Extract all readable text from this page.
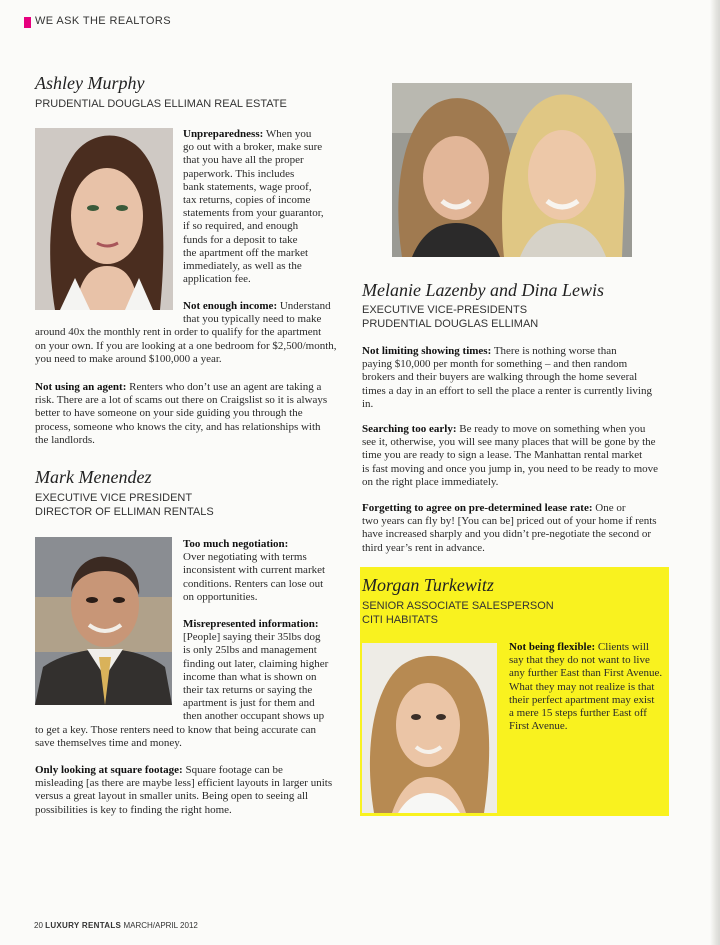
WE ASK THE REALTORS
Ashley Murphy
PRUDENTIAL DOUGLAS ELLIMAN REAL ESTATE

Unpreparedness: When you
go out with a broker, make sure
that you have all the proper
paperwork. This includes
bank statements, wage proof,
tax returns, copies of income
statements from your guarantor,
if so required, and enough
funds for a deposit to take
the apartment off the market
immediately, as well as the
application fee.

Not enough income: Understand
that you typically need to make

around 40x the monthly rent in order to qualify for the apartment
on your own. If you are looking at a one bedroom for $2,500/month,
you need to make around $100,000 a year.

Not using an agent: Renters who don’t use an agent are taking a
risk. There are a lot of scams out there on Craigslist so it is always
better to have someone on your side guiding you through the
process, someone who knows the city, and has relationships with
the landlords.

Mark Menendez
EXECUTIVE VICE PRESIDENT
DIRECTOR OF ELLIMAN RENTALS

Too much negotiation:
Over negotiating with terms
inconsistent with current market
conditions. Renters can lose out
on opportunities.

Misrepresented information:
[People] saying their 35lbs dog
is only 25lbs and management
finding out later, claiming higher
income than what is shown on
their tax returns or saying the
apartment is just for them and
then another occupant shows up

to get a key. Those renters need to know that being accurate can
save themselves time and money.

Only looking at square footage: Square footage can be
misleading [as there are maybe less] efficient layouts in larger units
versus a great layout in smaller units. Being open to seeing all
possibilities is key to finding the right home.

Melanie Lazenby and Dina Lewis
EXECUTIVE VICE-PRESIDENTS
PRUDENTIAL DOUGLAS ELLIMAN

Not limiting showing times: There is nothing worse than
paying $10,000 per month for something – and then random
brokers and their buyers are walking through the home several
times a day in an effort to sell the place a renter is currently living
in.

Searching too early: Be ready to move on something when you
see it, otherwise, you will see many places that will be gone by the
time you are ready to sign a lease. The Manhattan rental market
is fast moving and once you jump in, you need to be ready to move
on the right place immediately.

Forgetting to agree on pre-determined lease rate: One or
two years can fly by! [You can be] priced out of your home if rents
have increased sharply and you didn’t pre-negotiate the second or
third year’s rent in advance.

Morgan Turkewitz
SENIOR ASSOCIATE SALESPERSON
CITI HABITATS

Not being flexible: Clients will
say that they do not want to live
any further East than First Avenue.
What they may not realize is that
their perfect apartment may exist
a mere 15 steps further East off
First Avenue.

20 LUXURY RENTALS MARCH/APRIL 2012
